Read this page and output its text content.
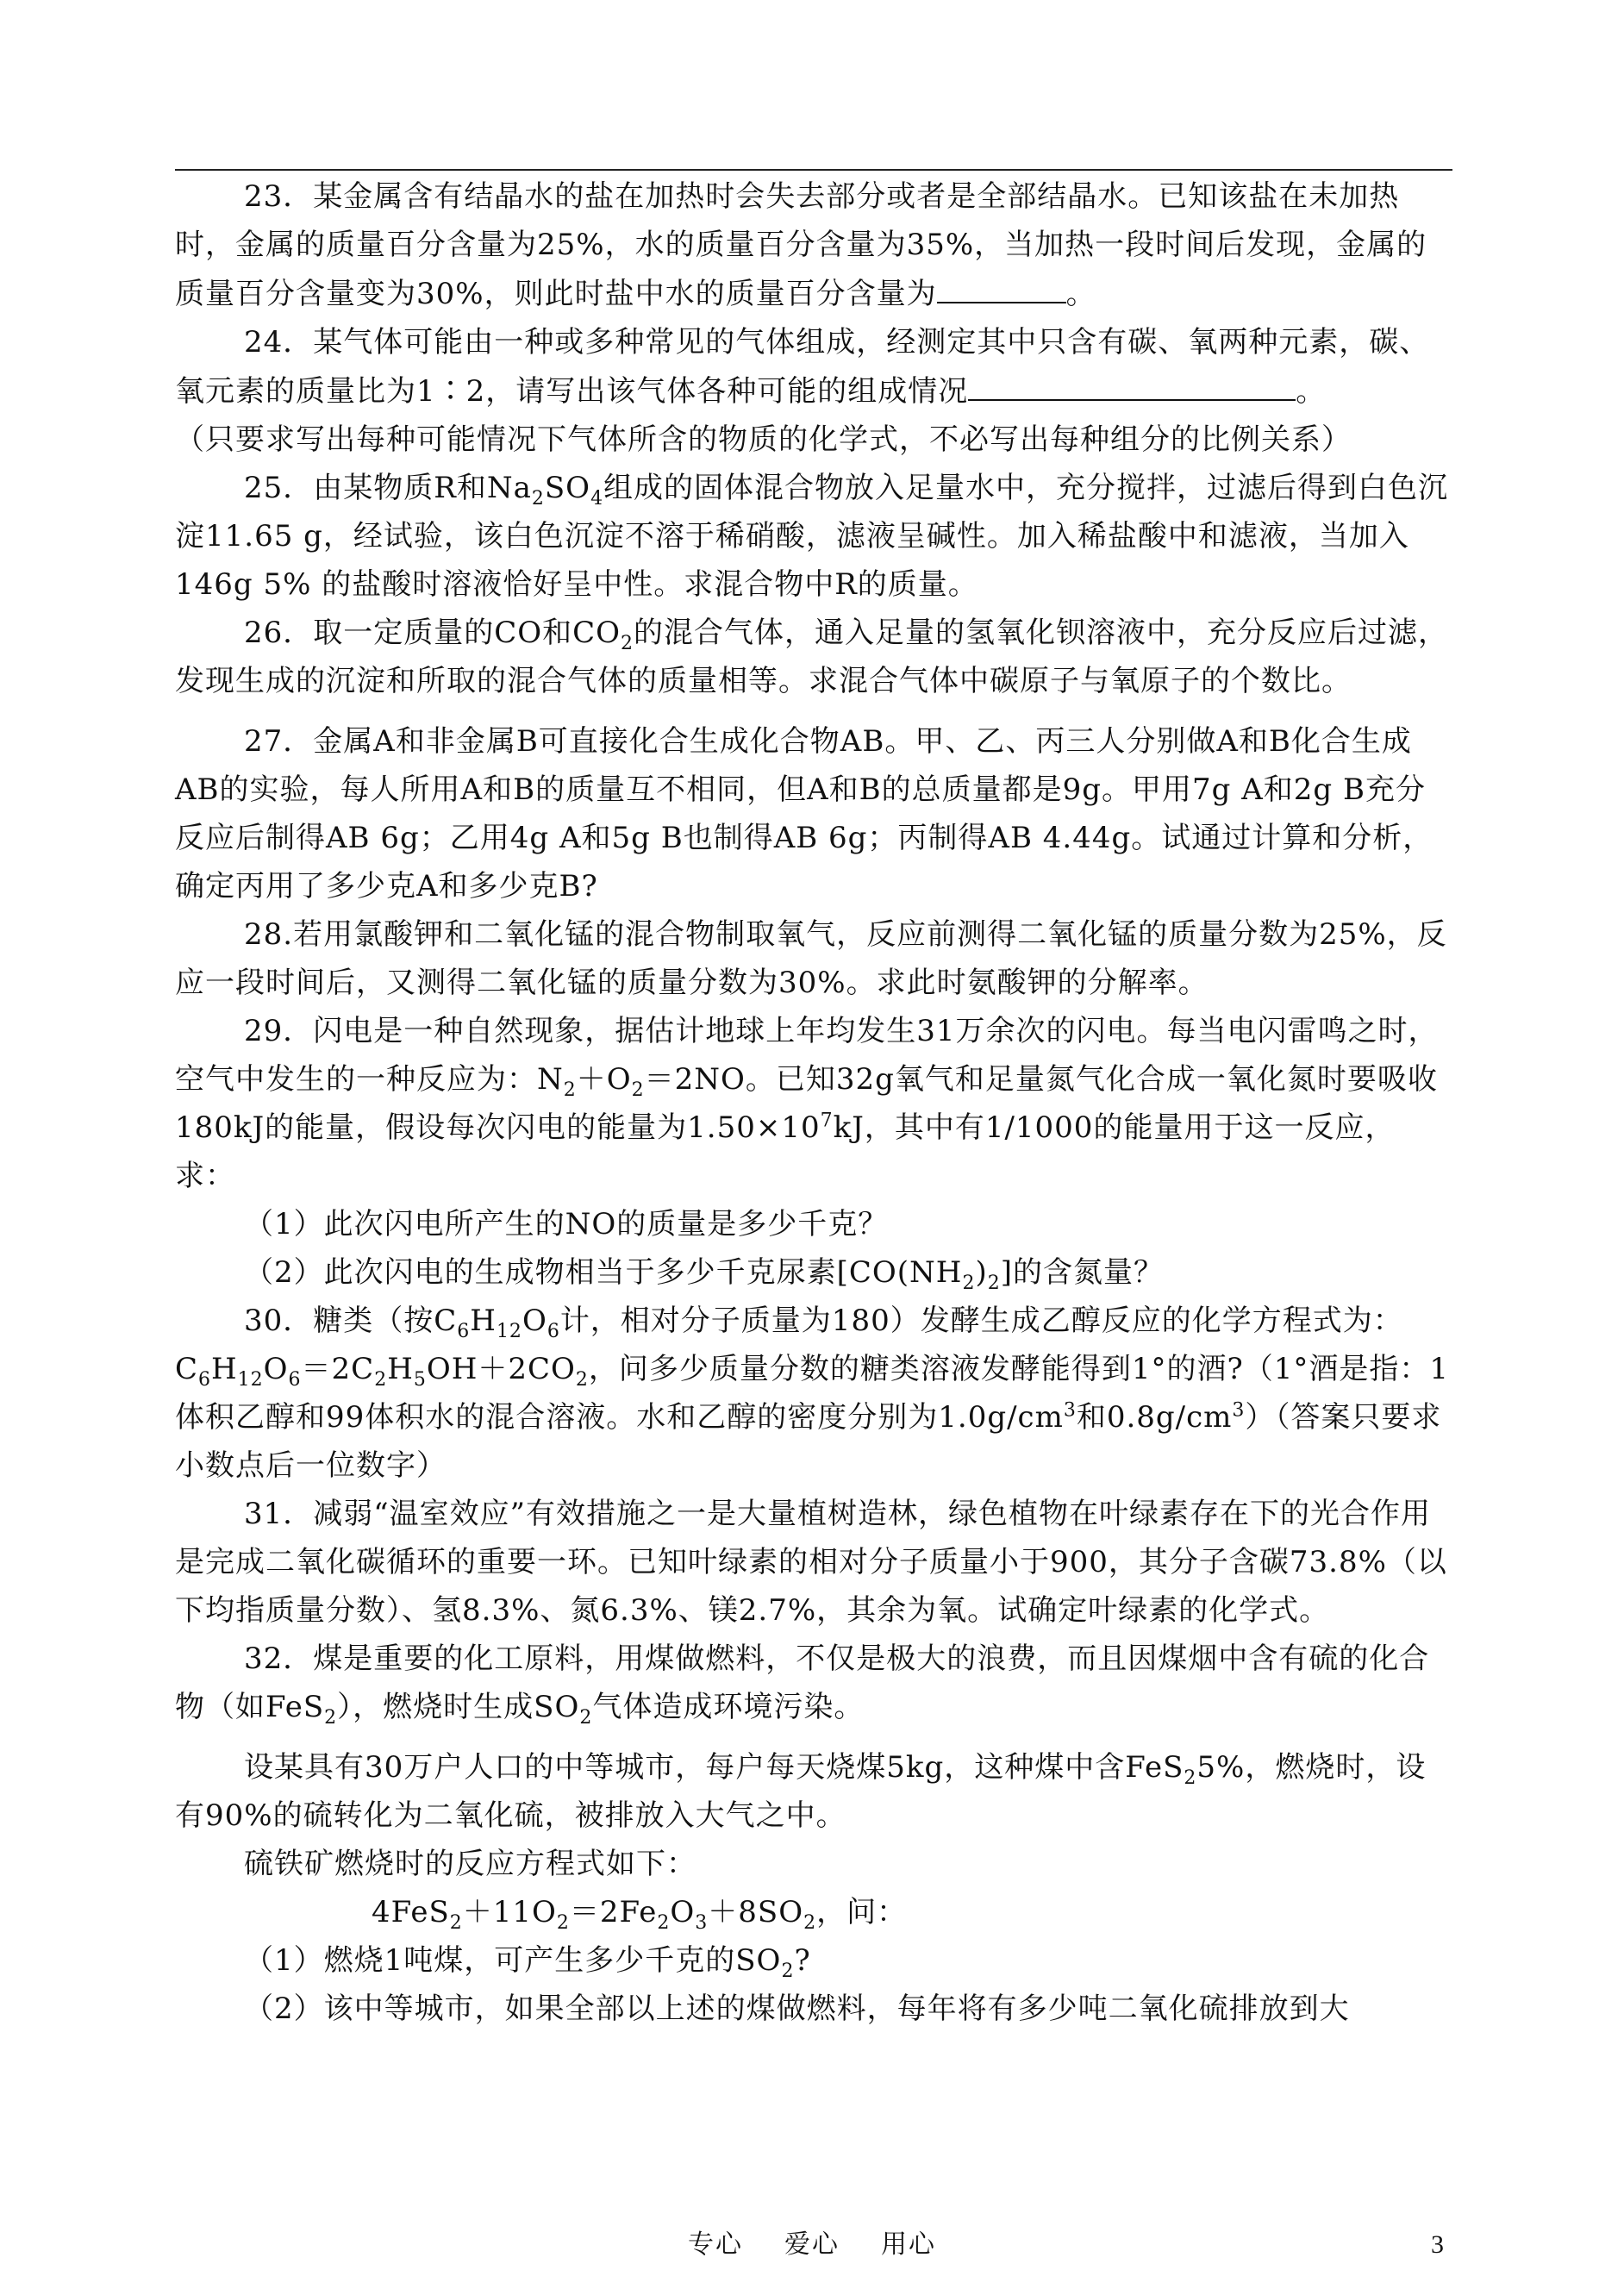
23．某金属含有结晶水的盐在加热时会失去部分或者是全部结晶水。已知该盐在未加热时，金属的质量百分含量为25%，水的质量百分含量为35%，当加热一段时间后发现，金属的质量百分含量变为30%，则此时盐中水的质量百分含量为	。

24．某气体可能由一种或多种常见的气体组成，经测定其中只含有碳、氧两种元素，碳、氧元素的质量比为1∶2，请写出该气体各种可能的组成情况	。

（只要求写出每种可能情况下气体所含的物质的化学式，不必写出每种组分的比例关系）

25．由某物质R和$Na_2SO_4$组成的固体混合物放入足量水中，充分搅拌，过滤后得到白色沉淀11.65 g，经试验，该白色沉淀不溶于稀硝酸，滤液呈碱性。加入稀盐酸中和滤液，当加入146g 5% 的盐酸时溶液恰好呈中性。求混合物中R的质量。

26．取一定质量的CO和$CO_2$的混合气体，通入足量的氢氧化钡溶液中，充分反应后过滤，发现生成的沉淀和所取的混合气体的质量相等。求混合气体中碳原子与氧原子的个数比。

27．金属A和非金属B可直接化合生成化合物AB。甲、乙、丙三人分别做A和B化合生成AB的实验，每人所用A和B的质量互不相同，但A和B的总质量都是9g。甲用7g A和2g B充分反应后制得AB 6g；乙用4g A和5g B也制得AB 6g；丙制得AB 4.44g。试通过计算和分析，确定丙用了多少克A和多少克B?

28.若用氯酸钾和二氧化锰的混合物制取氧气，反应前测得二氧化锰的质量分数为25%，反应一段时间后，又测得二氧化锰的质量分数为30%。求此时氨酸钾的分解率。

29．闪电是一种自然现象，据估计地球上年均发生31万余次的闪电。每当电闪雷鸣之时，空气中发生的一种反应为：$N_2+O_2=2NO$。已知32g氧气和足量氮气化合成一氧化氮时要吸收180kJ的能量，假设每次闪电的能量为$1.50\times 10^7kJ$，其中有1/1000的能量用于这一反应，求：

（1）此次闪电所产生的NO的质量是多少千克？

（2）此次闪电的生成物相当于多少千克尿素$[CO(NH_2)_2]$的含氮量？

30．糖类（按$C_6H_{12}O_6$计，相对分子质量为180）发酵生成乙醇反应的化学方程式为：$C_6H_{12}O_6=2C_2H_5OH+2CO_2$，问多少质量分数的糖类溶液发酵能得到1°的酒?（1°酒是指：1体积乙醇和99体积水的混合溶液。水和乙醇的密度分别为$1.0g/cm^3$和$0.8g/cm^3$）（答案只要求小数点后一位数字）

31．减弱“温室效应”有效措施之一是大量植树造林，绿色植物在叶绿素存在下的光合作用是完成二氧化碳循环的重要一环。已知叶绿素的相对分子质量小于900，其分子含碳73.8%（以下均指质量分数）、氢8.3%、氮6.3%、镁2.7%，其余为氧。试确定叶绿素的化学式。

32．煤是重要的化工原料，用煤做燃料，不仅是极大的浪费，而且因煤烟中含有硫的化合物（如FeS$_2$），燃烧时生成$SO_2$气体造成环境污染。

设某具有30万户人口的中等城市，每户每天烧煤5kg，这种煤中含FeS$_2$5%，燃烧时，设有90%的硫转化为二氧化硫，被排放入大气之中。

硫铁矿燃烧时的反应方程式如下：

$4FeS_2+11O_2=2Fe_2O_3+8SO_2$，问：

（1）燃烧1吨煤，可产生多少千克的$SO_2$?

（2）该中等城市，如果全部以上述的煤做燃料，每年将有多少吨二氧化硫排放到大

专心 爱心 用心	3
